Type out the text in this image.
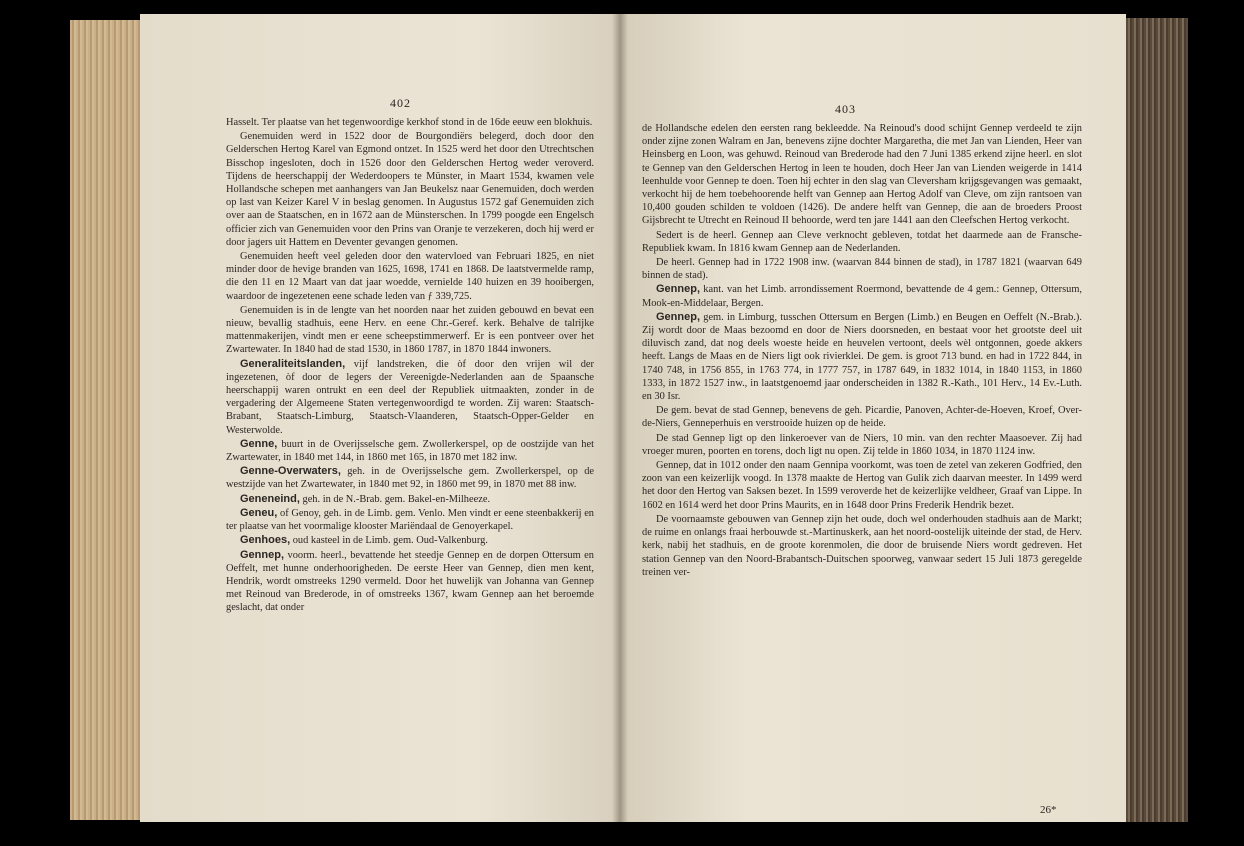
402

Hasselt. Ter plaatse van het tegenwoordige kerkhof stond in de 16de eeuw een blokhuis.

Genemuiden werd in 1522 door de Bourgondiërs belegerd, doch door den Gelderschen Hertog Karel van Egmond ontzet. In 1525 werd het door den Utrechtschen Bisschop ingesloten, doch in 1526 door den Gelderschen Hertog weder veroverd. Tijdens de heerschappij der Wederdoopers te Münster, in Maart 1534, kwamen vele Hollandsche schepen met aanhangers van Jan Beukelsz naar Genemuiden, doch werden op last van Keizer Karel V in beslag genomen. In Augustus 1572 gaf Genemuiden zich over aan de Staatschen, en in 1672 aan de Münsterschen. In 1799 poogde een Engelsch officier zich van Genemuiden voor den Prins van Oranje te verzekeren, doch hij werd er door jagers uit Hattem en Deventer gevangen genomen.

Genemuiden heeft veel geleden door den watervloed van Februari 1825, en niet minder door de hevige branden van 1625, 1698, 1741 en 1868. De laatstvermelde ramp, die den 11 en 12 Maart van dat jaar woedde, vernielde 140 huizen en 39 hooibergen, waardoor de ingezetenen eene schade leden van ƒ 339,725.

Genemuiden is in de lengte van het noorden naar het zuiden gebouwd en bevat een nieuw, bevallig stadhuis, eene Herv. en eene Chr.-Geref. kerk. Behalve de talrijke mattenmakerijen, vindt men er eene scheepstimmerwerf. Er is een pontveer over het Zwartewater. In 1840 had de stad 1530, in 1860 1787, in 1870 1844 inwoners.

Generaliteitslanden, vijf landstreken, die òf door den vrijen wil der ingezetenen, òf door de legers der Vereenigde-Nederlanden aan de Spaansche heerschappij waren ontrukt en een deel der Republiek uitmaakten, zonder in de vergadering der Algemeene Staten vertegenwoordigd te worden. Zij waren: Staatsch-Brabant, Staatsch-Limburg, Staatsch-Vlaanderen, Staatsch-Opper-Gelder en Westerwolde.

Genne, buurt in de Overijsselsche gem. Zwollerkerspel, op de oostzijde van het Zwartewater, in 1840 met 144, in 1860 met 165, in 1870 met 182 inw.

Genne-Overwaters, geh. in de Overijsselsche gem. Zwollerkerspel, op de westzijde van het Zwartewater, in 1840 met 92, in 1860 met 99, in 1870 met 88 inw.

Geneneind, geh. in de N.-Brab. gem. Bakel-en-Milheeze.

Geneu, of Genoy, geh. in de Limb. gem. Venlo. Men vindt er eene steenbakkerij en ter plaatse van het voormalige klooster Mariëndaal de Genoyerkapel.

Genhoes, oud kasteel in de Limb. gem. Oud-Valkenburg.

Gennep, voorm. heerl., bevattende het steedje Gennep en de dorpen Ottersum en Oeffelt, met hunne onderhoorigheden. De eerste Heer van Gennep, dien men kent, Hendrik, wordt omstreeks 1290 vermeld. Door het huwelijk van Johanna van Gennep met Reinoud van Brederode, in of omstreeks 1367, kwam Gennep aan het beroemde geslacht, dat onder

403

de Hollandsche edelen den eersten rang bekleedde. Na Reinoud's dood schijnt Gennep verdeeld te zijn onder zijne zonen Walram en Jan, benevens zijne dochter Margaretha, die met Jan van Lienden, Heer van Heinsberg en Loon, was gehuwd. Reinoud van Brederode had den 7 Juni 1385 erkend zijne heerl. en slot te Gennep van den Gelderschen Hertog in leen te houden, doch Heer Jan van Lienden weigerde in 1414 leenhulde voor Gennep te doen. Toen hij echter in den slag van Cleversham krijgsgevangen was gemaakt, verkocht hij de hem toebehoorende helft van Gennep aan Hertog Adolf van Cleve, om zijn rantsoen van 10,400 gouden schilden te voldoen (1426). De andere helft van Gennep, die aan de broeders Proost Gijsbrecht te Utrecht en Reinoud II behoorde, werd ten jare 1441 aan den Cleefschen Hertog verkocht.

Sedert is de heerl. Gennep aan Cleve verknocht gebleven, totdat het daarmede aan de Fransche-Republiek kwam. In 1816 kwam Gennep aan de Nederlanden.

De heerl. Gennep had in 1722 1908 inw. (waarvan 844 binnen de stad), in 1787 1821 (waarvan 649 binnen de stad).

Gennep, kant. van het Limb. arrondissement Roermond, bevattende de 4 gem.: Gennep, Ottersum, Mook-en-Middelaar, Bergen.

Gennep, gem. in Limburg, tusschen Ottersum en Bergen (Limb.) en Beugen en Oeffelt (N.-Brab.). Zij wordt door de Maas bezoomd en door de Niers doorsneden, en bestaat voor het grootste deel uit diluvisch zand, dat nog deels woeste heide en heuvelen vertoont, deels wèl ontgonnen, goede akkers heeft. Langs de Maas en de Niers ligt ook rivierklei. De gem. is groot 713 bund. en had in 1722 844, in 1740 748, in 1756 855, in 1763 774, in 1777 757, in 1787 649, in 1832 1014, in 1840 1153, in 1860 1333, in 1872 1527 inw., in laatstgenoemd jaar onderscheiden in 1382 R.-Kath., 101 Herv., 14 Ev.-Luth. en 30 Isr.

De gem. bevat de stad Gennep, benevens de geh. Picardie, Panoven, Achter-de-Hoeven, Kroef, Over-de-Niers, Genneperhuis en verstrooide huizen op de heide.

De stad Gennep ligt op den linkeroever van de Niers, 10 min. van den rechter Maasoever. Zij had vroeger muren, poorten en torens, doch ligt nu open. Zij telde in 1860 1034, in 1870 1124 inw.

Gennep, dat in 1012 onder den naam Gennipa voorkomt, was toen de zetel van zekeren Godfried, den zoon van een keizerlijk voogd. In 1378 maakte de Hertog van Gulik zich daarvan meester. In 1499 werd het door den Hertog van Saksen bezet. In 1599 veroverde het de keizerlijke veldheer, Graaf van Lippe. In 1602 en 1614 werd het door Prins Maurits, en in 1648 door Prins Frederik Hendrik bezet.

De voornaamste gebouwen van Gennep zijn het oude, doch wel onderhouden stadhuis aan de Markt; de ruime en onlangs fraai herbouwde st.-Martinuskerk, aan het noord-oostelijk uiteinde der stad, de Herv. kerk, nabij het stadhuis, en de groote korenmolen, die door de bruisende Niers wordt gedreven. Het station Gennep van den Noord-Brabantsch-Duitschen spoorweg, vanwaar sedert 15 Juli 1873 geregelde treinen ver-

26*
